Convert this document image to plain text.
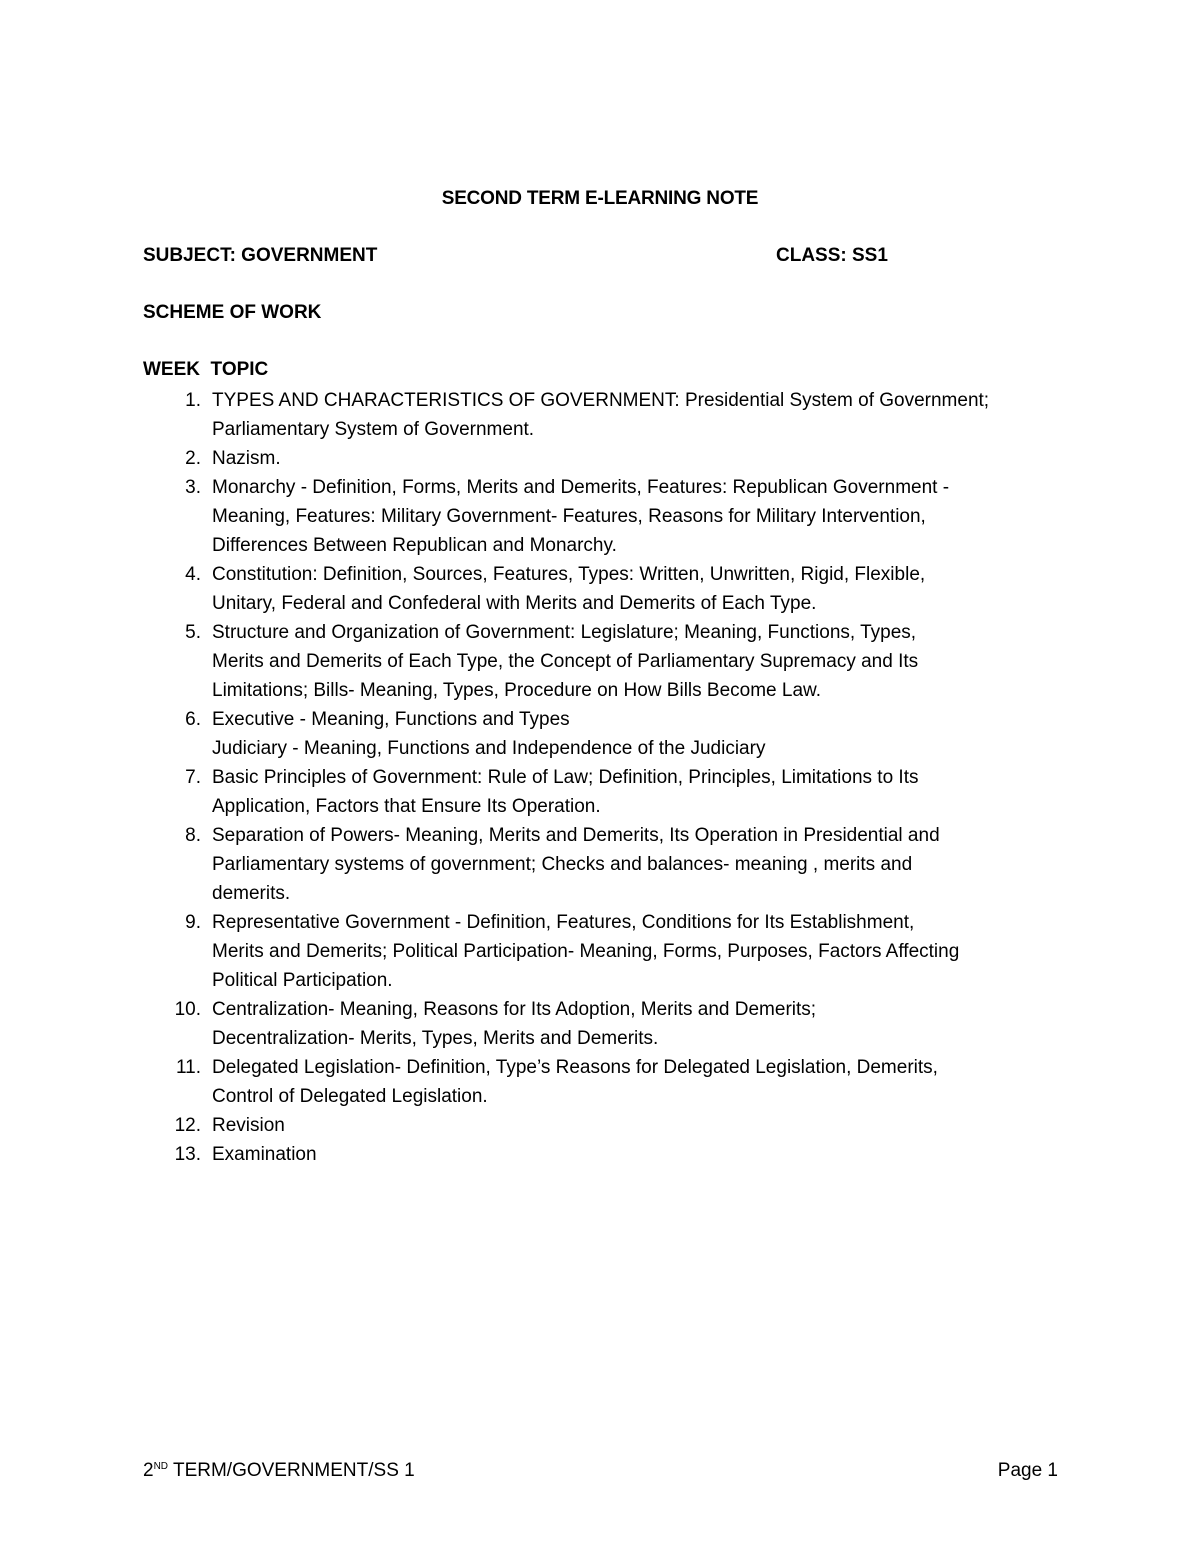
SECOND TERM E-LEARNING NOTE
SUBJECT: GOVERNMENT	CLASS: SS1
SCHEME OF WORK
WEEK  TOPIC
1. TYPES AND CHARACTERISTICS OF GOVERNMENT: Presidential System of Government;
Parliamentary System of Government.
2. Nazism.
3. Monarchy - Definition, Forms, Merits and Demerits, Features: Republican Government -
Meaning, Features: Military Government- Features, Reasons for Military Intervention,
Differences Between Republican and Monarchy.
4. Constitution: Definition, Sources, Features, Types: Written, Unwritten, Rigid, Flexible,
Unitary, Federal and Confederal with Merits and Demerits of Each Type.
5. Structure and Organization of Government: Legislature; Meaning, Functions, Types,
Merits and Demerits of Each Type, the Concept of Parliamentary Supremacy and Its
Limitations; Bills- Meaning, Types, Procedure on How Bills Become Law.
6. Executive - Meaning, Functions and Types
Judiciary - Meaning, Functions and Independence of the Judiciary
7. Basic Principles of Government: Rule of Law; Definition, Principles, Limitations to Its
Application, Factors that Ensure Its Operation.
8. Separation of Powers- Meaning, Merits and Demerits, Its Operation in Presidential and
Parliamentary systems of government; Checks and balances- meaning , merits and
demerits.
9. Representative Government - Definition, Features, Conditions for Its Establishment,
Merits and Demerits; Political Participation- Meaning, Forms, Purposes, Factors Affecting
Political Participation.
10. Centralization- Meaning, Reasons for Its Adoption, Merits and Demerits;
Decentralization- Merits, Types, Merits and Demerits.
11. Delegated Legislation- Definition, Type’s Reasons for Delegated Legislation, Demerits,
Control of Delegated Legislation.
12. Revision
13. Examination
2ND TERM/GOVERNMENT/SS 1	Page 1
